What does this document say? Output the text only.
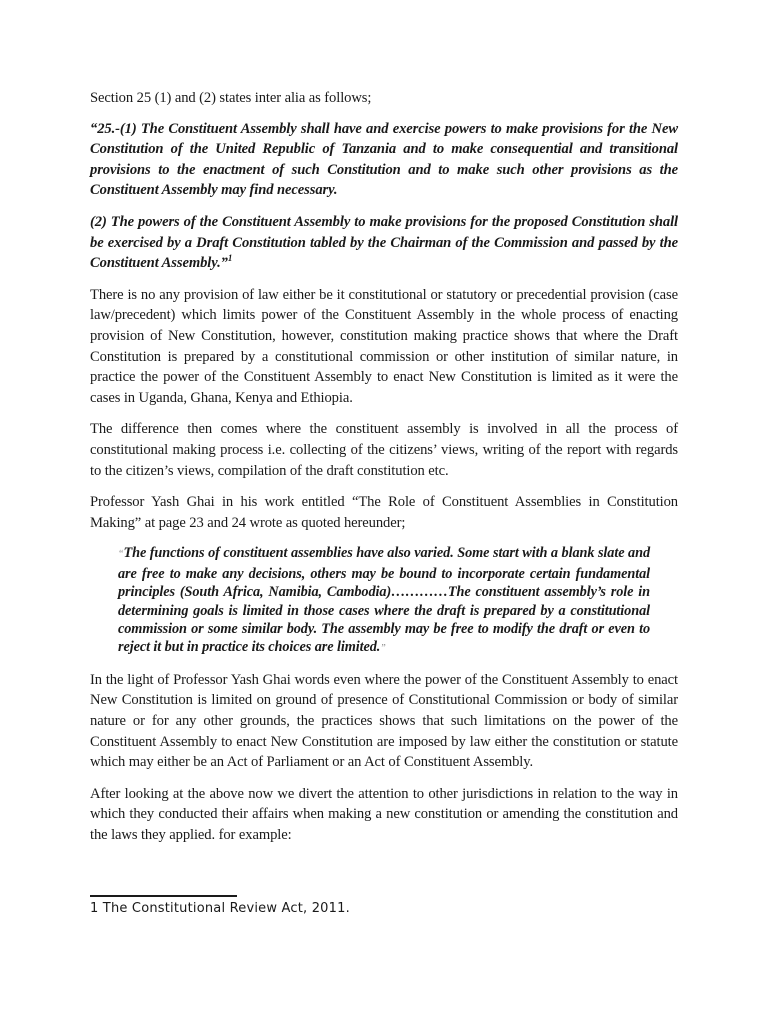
Section 25 (1) and (2) states inter alia as follows;

“25.-(1) The Constituent Assembly shall have and exercise powers to make provisions for the New Constitution of the United Republic of Tanzania and to make consequential and transitional provisions to the enactment of such Constitution and to make such other provisions as the Constituent Assembly may find necessary.

(2) The powers of the Constituent Assembly to make provisions for the proposed Constitution shall be exercised by a Draft Constitution tabled by the Chairman of the Commission and passed by the Constituent Assembly.”$^1$

There is no any provision of law either be it constitutional or statutory or precedential provision (case law/precedent) which limits power of the Constituent Assembly in the whole process of enacting provision of New Constitution, however, constitution making practice shows that where the Draft Constitution is prepared by a constitutional commission or other institution of similar nature, in practice the power of the Constituent Assembly to enact New Constitution is limited as it were the cases in Uganda, Ghana, Kenya and Ethiopia.

The difference then comes where the constituent assembly is involved in all the process of constitutional making process i.e. collecting of the citizens’ views, writing of the report with regards to the citizen’s views, compilation of the draft constitution etc.

Professor Yash Ghai in his work entitled “The Role of Constituent Assemblies in Constitution Making” at page 23 and 24 wrote as quoted hereunder;

“The functions of constituent assemblies have also varied. Some start with a blank slate and are free to make any decisions, others may be bound to incorporate certain fundamental principles (South Africa, Namibia, Cambodia)…………The constituent assembly’s role in determining goals is limited in those cases where the draft is prepared by a constitutional commission or some similar body. The assembly may be free to modify the draft or even to reject it but in practice its choices are limited.”

In the light of Professor Yash Ghai words even where the power of the Constituent Assembly to enact New Constitution is limited on ground of presence of Constitutional Commission or body of similar nature or for any other grounds, the practices shows that such limitations on the power of the Constituent Assembly to enact New Constitution are imposed by law either the constitution or statute which may either be an Act of Parliament or an Act of Constituent Assembly.

After looking at the above now we divert the attention to other jurisdictions in relation to the way in which they conducted their affairs when making a new constitution or amending the constitution and the laws they applied. for example:

1 The Constitutional Review Act, 2011.
